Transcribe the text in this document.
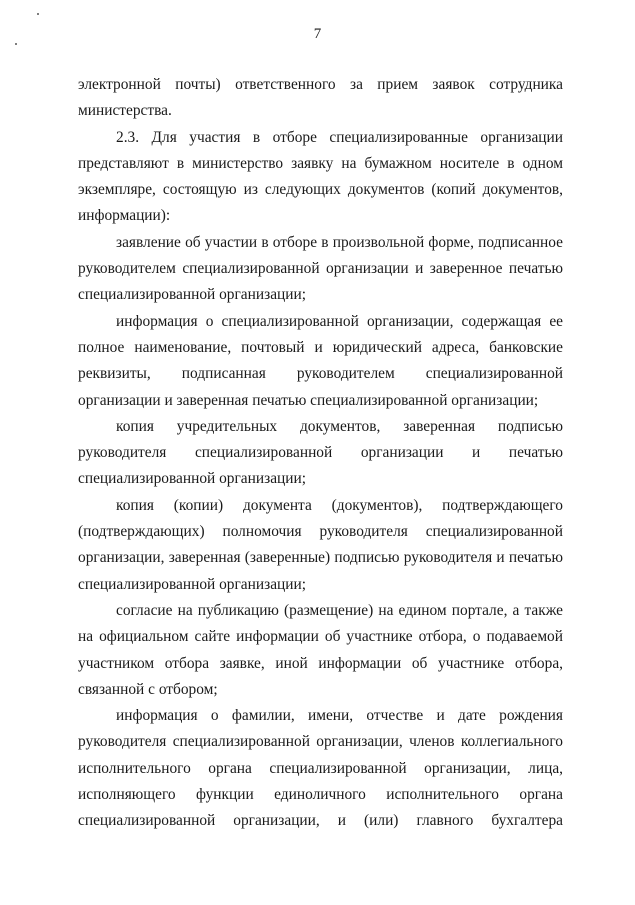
7

электронной почты) ответственного за прием заявок сотрудника министерства.

2.3. Для участия в отборе специализированные организации представляют в министерство заявку на бумажном носителе в одном экземпляре, состоящую из следующих документов (копий документов, информации):

заявление об участии в отборе в произвольной форме, подписанное руководителем специализированной организации и заверенное печатью специализированной организации;

информация о специализированной организации, содержащая ее полное наименование, почтовый и юридический адреса, банковские реквизиты, подписанная руководителем специализированной организации и заверенная печатью специализированной организации;

копия учредительных документов, заверенная подписью руководителя специализированной организации и печатью специализированной организации;

копия (копии) документа (документов), подтверждающего (подтверждающих) полномочия руководителя специализированной организации, заверенная (заверенные) подписью руководителя и печатью специализированной организации;

согласие на публикацию (размещение) на едином портале, а также на официальном сайте информации об участнике отбора, о подаваемой участником отбора заявке, иной информации об участнике отбора, связанной с отбором;

информация о фамилии, имени, отчестве и дате рождения руководителя специализированной организации, членов коллегиального исполнительного органа специализированной организации, лица, исполняющего функции единоличного исполнительного органа специализированной организации, и (или) главного бухгалтера
